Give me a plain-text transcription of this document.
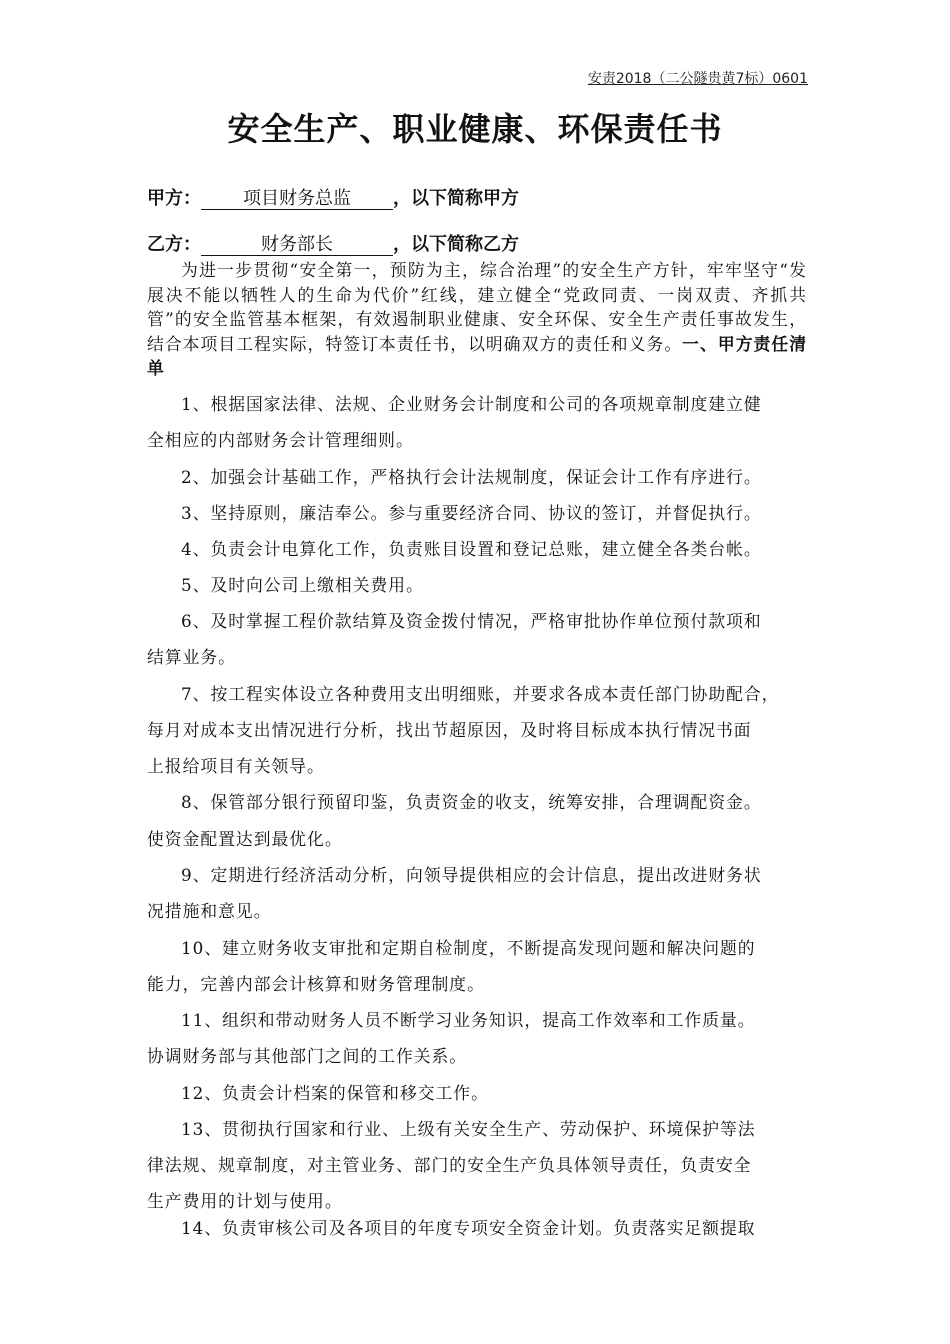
安责2018（二公隧贵黄7标）0601
安全生产、职业健康、环保责任书
甲方： 项目财务总监 ，以下简称甲方
乙方：	财务部长	，以下简称乙方
为进一步贯彻“安全第一，预防为主，综合治理”的安全生产方针，牢牢坚守“发展决不能以牺牲人的生命为代价”红线，建立健全“党政同责、一岗双责、齐抓共管”的安全监管基本框架，有效遏制职业健康、安全环保、安全生产责任事故发生，结合本项目工程实际，特签订本责任书，以明确双方的责任和义务。一、甲方责任清单
1、根据国家法律、法规、企业财务会计制度和公司的各项规章制度建立健
全相应的内部财务会计管理细则。
2、加强会计基础工作，严格执行会计法规制度，保证会计工作有序进行。
3、坚持原则，廉洁奉公。参与重要经济合同、协议的签订，并督促执行。
4、负责会计电算化工作，负责账目设置和登记总账，建立健全各类台帐。
5、及时向公司上缴相关费用。
6、及时掌握工程价款结算及资金拨付情况，严格审批协作单位预付款项和
结算业务。
7、按工程实体设立各种费用支出明细账，并要求各成本责任部门协助配合，
每月对成本支出情况进行分析，找出节超原因，及时将目标成本执行情况书面
上报给项目有关领导。
8、保管部分银行预留印鉴，负责资金的收支，统筹安排，合理调配资金。
使资金配置达到最优化。
9、定期进行经济活动分析，向领导提供相应的会计信息，提出改进财务状
况措施和意见。
10、建立财务收支审批和定期自检制度，不断提高发现问题和解决问题的
能力，完善内部会计核算和财务管理制度。
11、组织和带动财务人员不断学习业务知识，提高工作效率和工作质量。
协调财务部与其他部门之间的工作关系。
12、负责会计档案的保管和移交工作。
13、贯彻执行国家和行业、上级有关安全生产、劳动保护、环境保护等法
律法规、规章制度，对主管业务、部门的安全生产负具体领导责任，负责安全
生产费用的计划与使用。
14、负责审核公司及各项目的年度专项安全资金计划。负责落实足额提取
